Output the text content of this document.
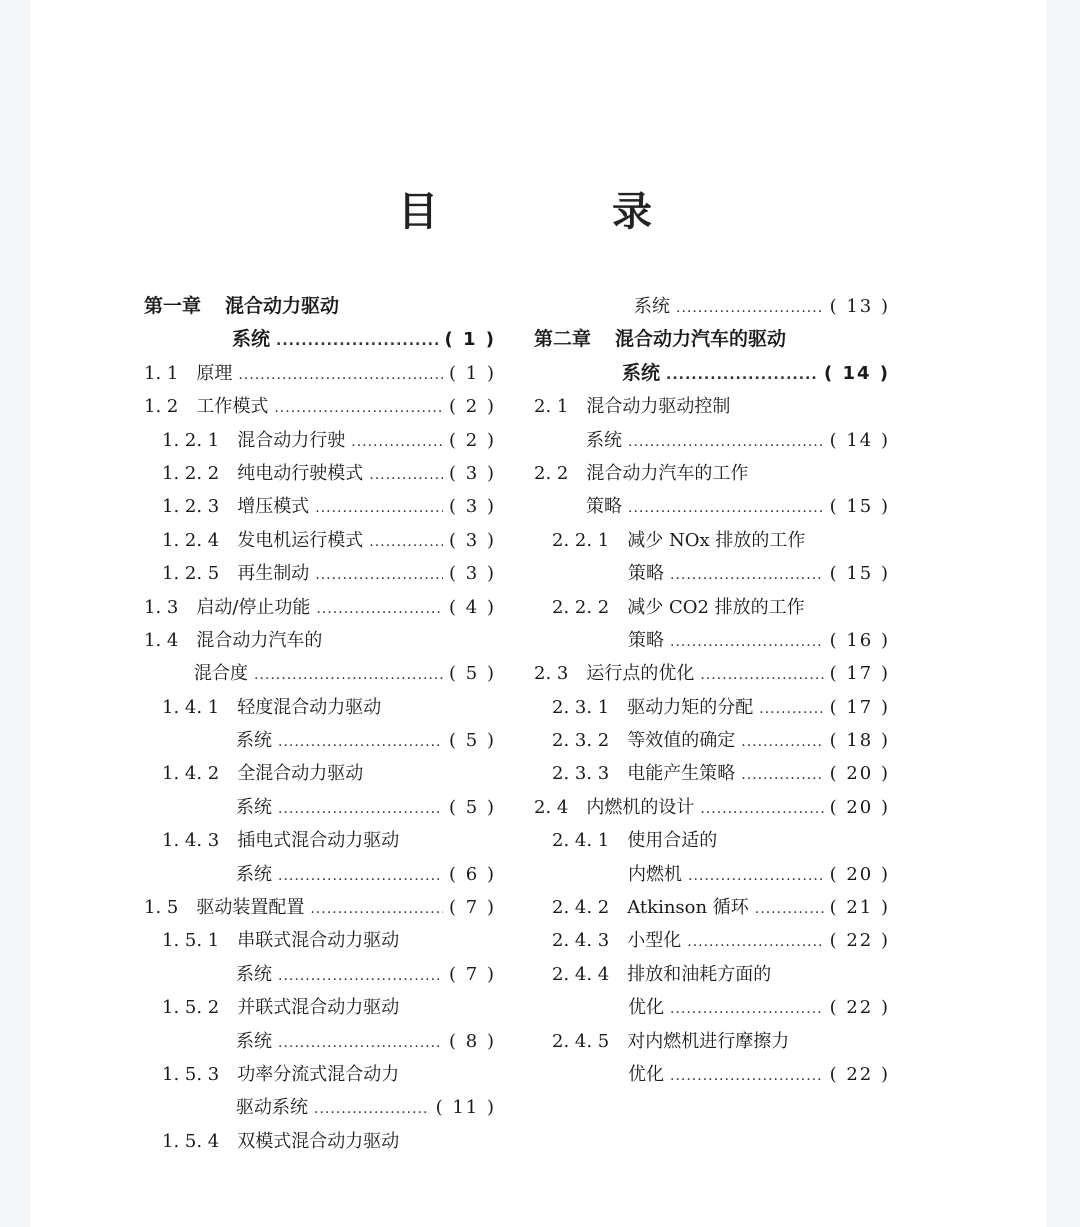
目 录
第一章 混合动力驱动
系统 .....	( 1 )
1. 1 原理 .....	( 1 )
1. 2 工作模式 .....	( 2 )
1. 2. 1 混合动力行驶 .....	( 2 )
1. 2. 2 纯电动行驶模式 .....	( 3 )
1. 2. 3 增压模式 .....	( 3 )
1. 2. 4 发电机运行模式 .....	( 3 )
1. 2. 5 再生制动 .....	( 3 )
1. 3 启动/停止功能 .....	( 4 )
1. 4 混合动力汽车的
混合度 .....	( 5 )
1. 4. 1 轻度混合动力驱动
系统 .....	( 5 )
1. 4. 2 全混合动力驱动
系统 .....	( 5 )
1. 4. 3 插电式混合动力驱动
系统 .....	( 6 )
1. 5 驱动装置配置 .....	( 7 )
1. 5. 1 串联式混合动力驱动
系统 .....	( 7 )
1. 5. 2 并联式混合动力驱动
系统 .....	( 8 )
1. 5. 3 功率分流式混合动力
驱动系统 .....	( 11 )
1. 5. 4 双模式混合动力驱动
系统 .....	( 13 )
第二章 混合动力汽车的驱动
系统 .....	( 14 )
2. 1 混合动力驱动控制
系统 .....	( 14 )
2. 2 混合动力汽车的工作
策略 .....	( 15 )
2. 2. 1 减少 NOx 排放的工作
策略 .....	( 15 )
2. 2. 2 减少 CO2 排放的工作
策略 .....	( 16 )
2. 3 运行点的优化 .....	( 17 )
2. 3. 1 驱动力矩的分配 .....	( 17 )
2. 3. 2 等效值的确定 .....	( 18 )
2. 3. 3 电能产生策略 .....	( 20 )
2. 4 内燃机的设计 .....	( 20 )
2. 4. 1 使用合适的
内燃机 .....	( 20 )
2. 4. 2 Atkinson 循环 .....	( 21 )
2. 4. 3 小型化 .....	( 22 )
2. 4. 4 排放和油耗方面的
优化 .....	( 22 )
2. 4. 5 对内燃机进行摩擦力
优化 .....	( 22 )
